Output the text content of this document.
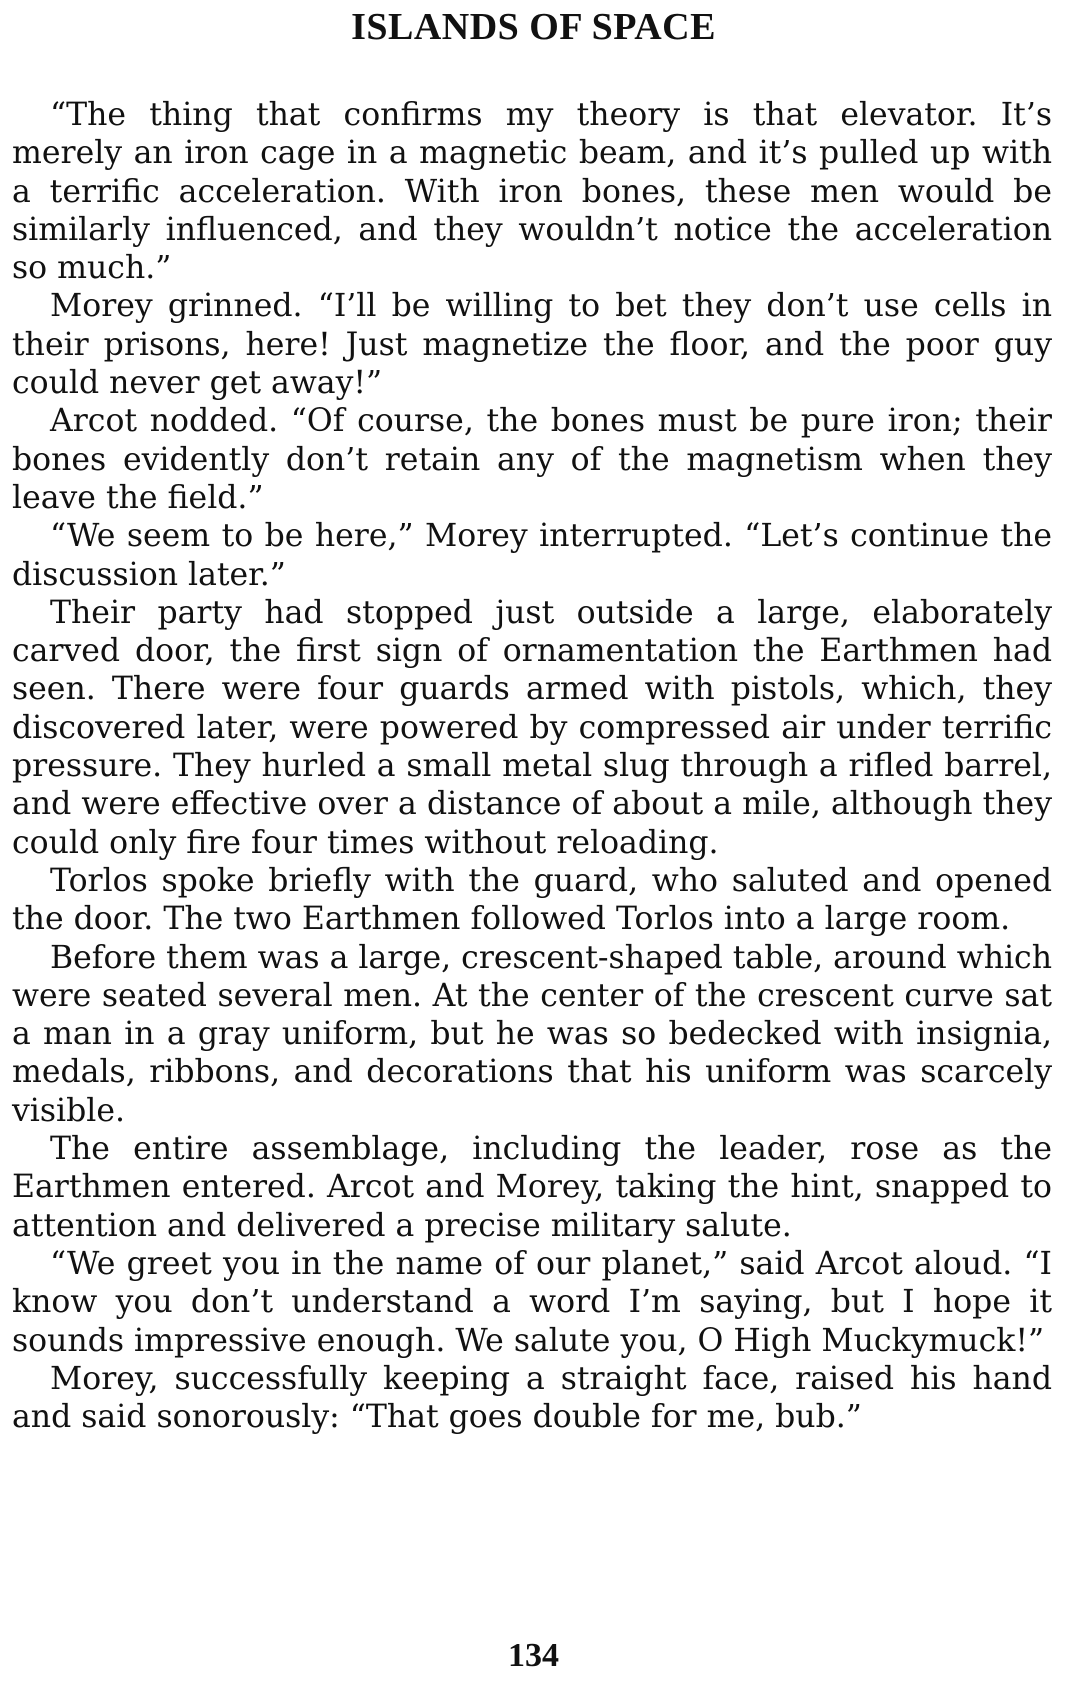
ISLANDS OF SPACE

“The thing that confirms my theory is that elevator. It’s merely an iron cage in a magnetic beam, and it’s pulled up with a terrific acceleration. With iron bones, these men would be similarly influenced, and they wouldn’t notice the acceleration so much.”

Morey grinned. “I’ll be willing to bet they don’t use cells in their prisons, here! Just magnetize the floor, and the poor guy could never get away!”

Arcot nodded. “Of course, the bones must be pure iron; their bones evidently don’t retain any of the magnetism when they leave the field.”

“We seem to be here,” Morey interrupted. “Let’s continue the discussion later.”

Their party had stopped just outside a large, elaborately carved door, the first sign of ornamentation the Earthmen had seen. There were four guards armed with pistols, which, they discovered later, were powered by compressed air under terrific pressure. They hurled a small metal slug through a rifled barrel, and were effective over a distance of about a mile, although they could only fire four times without reloading.

Torlos spoke briefly with the guard, who saluted and opened the door. The two Earthmen followed Torlos into a large room.

Before them was a large, crescent-shaped table, around which were seated several men. At the center of the crescent curve sat a man in a gray uniform, but he was so bedecked with insignia, medals, ribbons, and decorations that his uniform was scarcely visible.

The entire assemblage, including the leader, rose as the Earthmen entered. Arcot and Morey, taking the hint, snapped to attention and delivered a precise military salute.

“We greet you in the name of our planet,” said Arcot aloud. “I know you don’t understand a word I’m saying, but I hope it sounds impressive enough. We salute you, O High Muckymuck!”

Morey, successfully keeping a straight face, raised his hand and said sonorously: “That goes double for me, bub.”

134
